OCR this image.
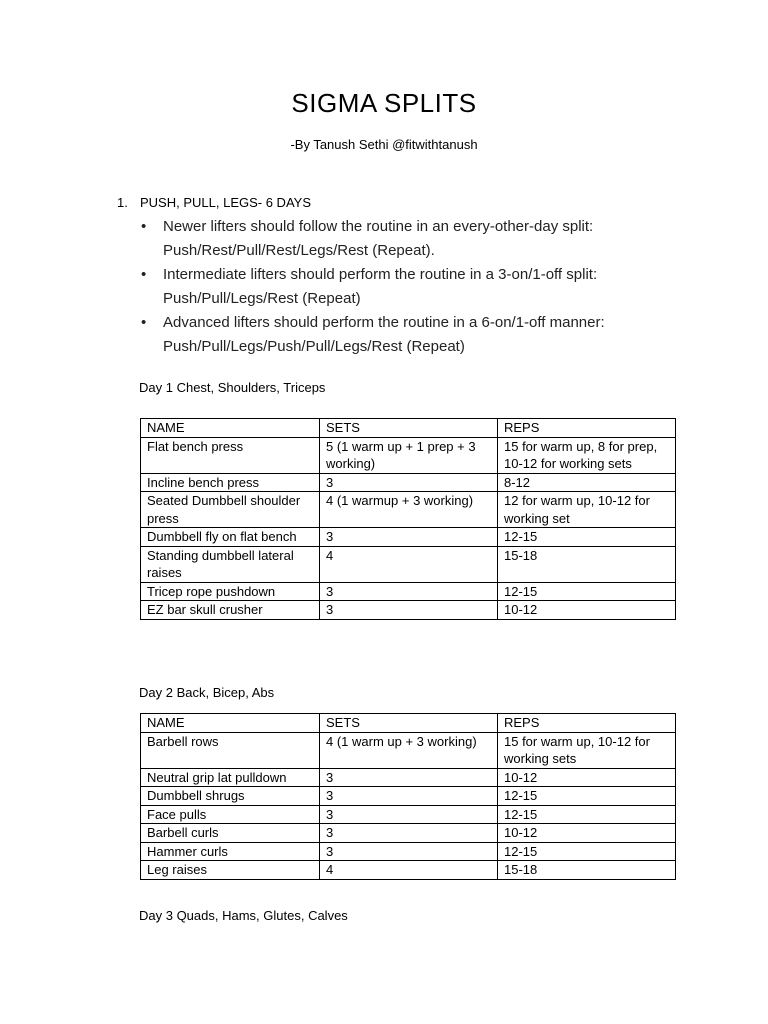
SIGMA SPLITS
-By Tanush Sethi @fitwithtanush
1. PUSH, PULL, LEGS- 6 DAYS
• Newer lifters should follow the routine in an every-other-day split: Push/Rest/Pull/Rest/Legs/Rest (Repeat).
• Intermediate lifters should perform the routine in a 3-on/1-off split: Push/Pull/Legs/Rest (Repeat)
• Advanced lifters should perform the routine in a 6-on/1-off manner: Push/Pull/Legs/Push/Pull/Legs/Rest (Repeat)
Day 1 Chest, Shoulders, Triceps
NAME	SETS	REPS
Flat bench press	5 (1 warm up + 1 prep + 3 working)	15 for warm up, 8 for prep, 10-12 for working sets
Incline bench press	3	8-12
Seated Dumbbell shoulder press	4 (1 warmup + 3 working)	12 for warm up, 10-12 for working set
Dumbbell fly on flat bench	3	12-15
Standing dumbbell lateral raises	4	15-18
Tricep rope pushdown	3	12-15
EZ bar skull crusher	3	10-12
Day 2 Back, Bicep, Abs
NAME	SETS	REPS
Barbell rows	4 (1 warm up + 3 working)	15 for warm up, 10-12 for working sets
Neutral grip lat pulldown	3	10-12
Dumbbell shrugs	3	12-15
Face pulls	3	12-15
Barbell curls	3	10-12
Hammer curls	3	12-15
Leg raises	4	15-18
Day 3 Quads, Hams, Glutes, Calves
